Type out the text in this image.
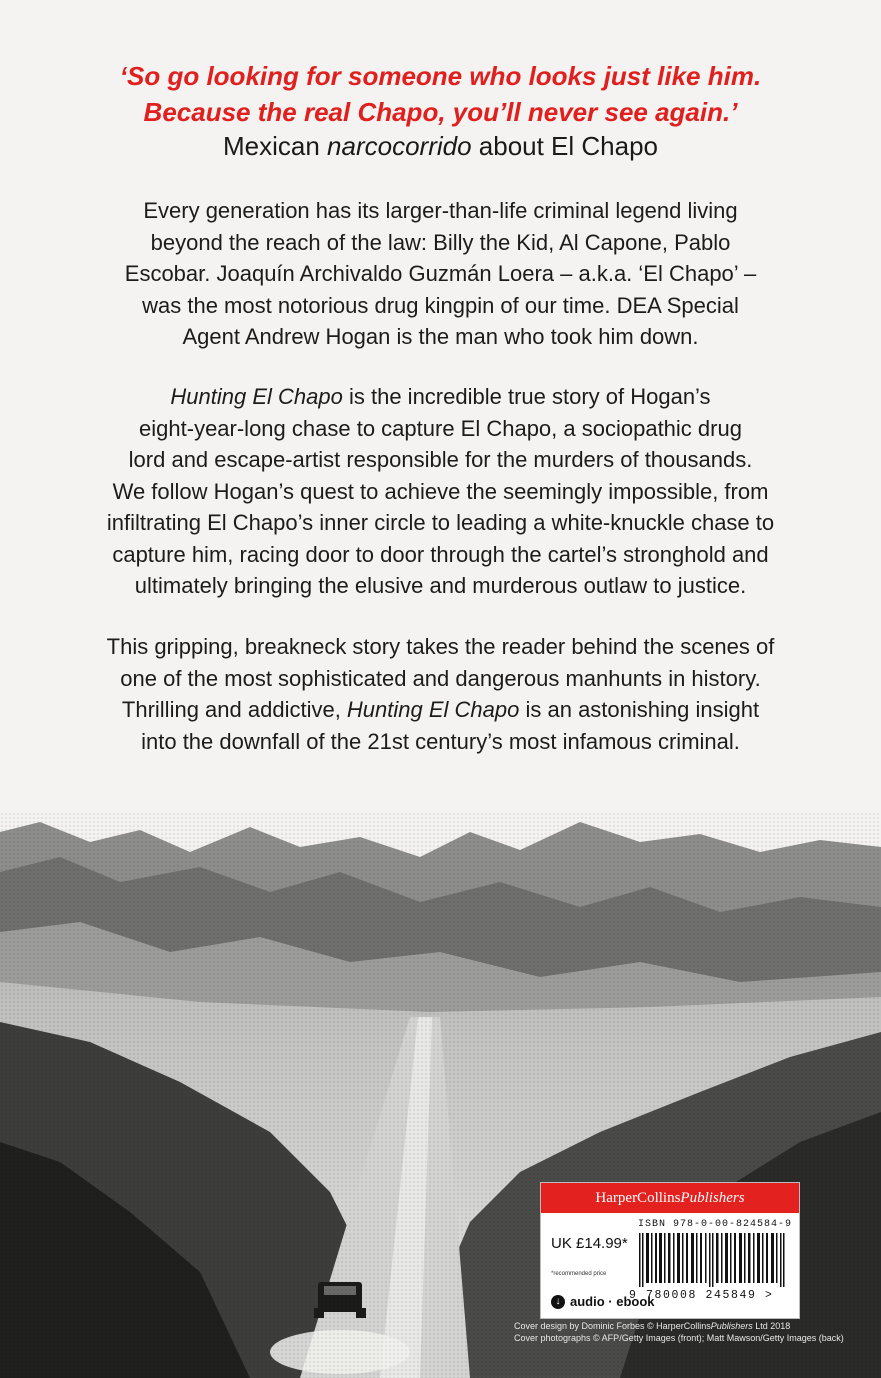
‘So go looking for someone who looks just like him.
Because the real Chapo, you’ll never see again.’
Mexican narcocorrido about El Chapo
Every generation has its larger-than-life criminal legend living
beyond the reach of the law: Billy the Kid, Al Capone, Pablo
Escobar. Joaquín Archivaldo Guzmán Loera – a.k.a. ‘El Chapo’ –
was the most notorious drug kingpin of our time. DEA Special
Agent Andrew Hogan is the man who took him down.
Hunting El Chapo is the incredible true story of Hogan’s
eight-year-long chase to capture El Chapo, a sociopathic drug
lord and escape-artist responsible for the murders of thousands.
We follow Hogan’s quest to achieve the seemingly impossible, from
infiltrating El Chapo’s inner circle to leading a white-knuckle chase to
capture him, racing door to door through the cartel’s stronghold and
ultimately bringing the elusive and murderous outlaw to justice.
This gripping, breakneck story takes the reader behind the scenes of
one of the most sophisticated and dangerous manhunts in history.
Thrilling and addictive, Hunting El Chapo is an astonishing insight
into the downfall of the 21st century’s most infamous criminal.
HarperCollinsPublishers
ISBN 978-0-00-824584-9
UK £14.99*
*recommended price
9 780008 245849 >
↓ audio · ebook
Cover design by Dominic Forbes © HarperCollinsPublishers Ltd 2018
Cover photographs © AFP/Getty Images (front); Matt Mawson/Getty Images (back)
